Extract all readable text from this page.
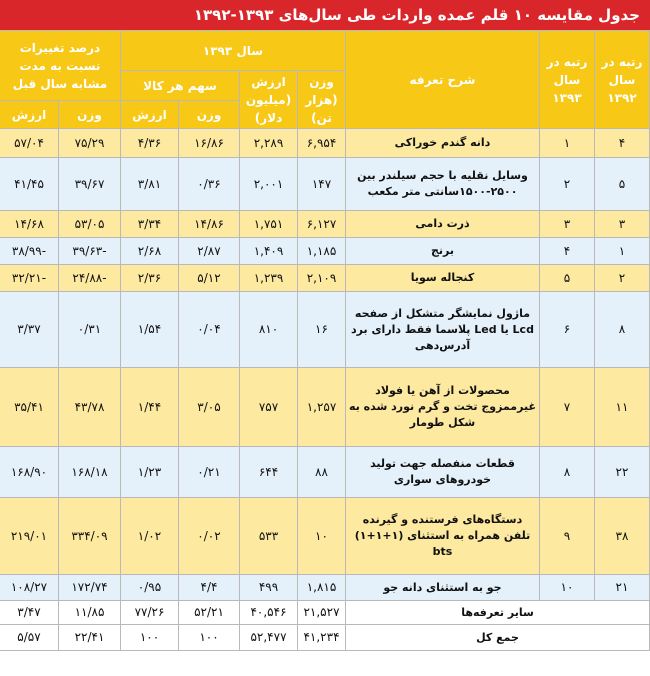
جدول مقایسه ۱۰ قلم عمده واردات طی سال‌های ۱۳۹۳-۱۳۹۲
رتبه در سال ۱۳۹۲	رتبه در سال ۱۳۹۳	شرح تعرفه	سال ۱۳۹۳				درصد تغییرات نسبت به مدت مشابه سال قبل	
			وزن (هزار تن)	ارزش (میلیون دلار)	سهم هر کالا			
					وزن	ارزش	وزن	ارزش
۴	۱	دانه گندم خوراکی	۶,۹۵۴	۲,۲۸۹	۱۶/۸۶	۴/۳۶	۷۵/۲۹	۵۷/۰۴
۵	۲	وسایل نقلیه با حجم سیلندر بین ۲۵۰۰-۱۵۰۰سانتی متر مکعب	۱۴۷	۲,۰۰۱	۰/۳۶	۳/۸۱	۳۹/۶۷	۴۱/۴۵
۳	۳	ذرت دامی	۶,۱۲۷	۱,۷۵۱	۱۴/۸۶	۳/۳۴	۵۳/۰۵	۱۴/۶۸
۱	۴	برنج	۱,۱۸۵	۱,۴۰۹	۲/۸۷	۲/۶۸	-۳۹/۶۳	-۳۸/۹۹
۲	۵	کنجاله سویا	۲,۱۰۹	۱,۲۳۹	۵/۱۲	۲/۳۶	-۲۴/۸۸	-۳۲/۲۱
۸	۶	ماژول نمایشگر متشکل از صفحه Lcd یا Led پلاسما فقط دارای برد آدرس‌دهی	۱۶	۸۱۰	۰/۰۴	۱/۵۴	۰/۳۱	۳/۳۷
۱۱	۷	محصولات از آهن یا فولاد غیرممزوج تخت و گرم نورد شده به شکل طومار	۱,۲۵۷	۷۵۷	۳/۰۵	۱/۴۴	۴۳/۷۸	۳۵/۴۱
۲۲	۸	قطعات منفصله جهت تولید خودروهای سواری	۸۸	۶۴۴	۰/۲۱	۱/۲۳	۱۶۸/۱۸	۱۶۸/۹۰
۳۸	۹	دستگاه‌های فرستنده و گیرنده تلفن همراه به استثنای (۱+۱+۱) bts	۱۰	۵۳۳	۰/۰۲	۱/۰۲	۳۳۴/۰۹	۲۱۹/۰۱
۲۱	۱۰	جو به استثنای دانه جو	۱,۸۱۵	۴۹۹	۴/۴	۰/۹۵	۱۷۲/۷۴	۱۰۸/۲۷
سایر تعرفه‌ها			۲۱,۵۲۷	۴۰,۵۴۶	۵۲/۲۱	۷۷/۲۶	۱۱/۸۵	۳/۴۷
جمع کل			۴۱,۲۳۴	۵۲,۴۷۷	۱۰۰	۱۰۰	۲۲/۴۱	۵/۵۷
